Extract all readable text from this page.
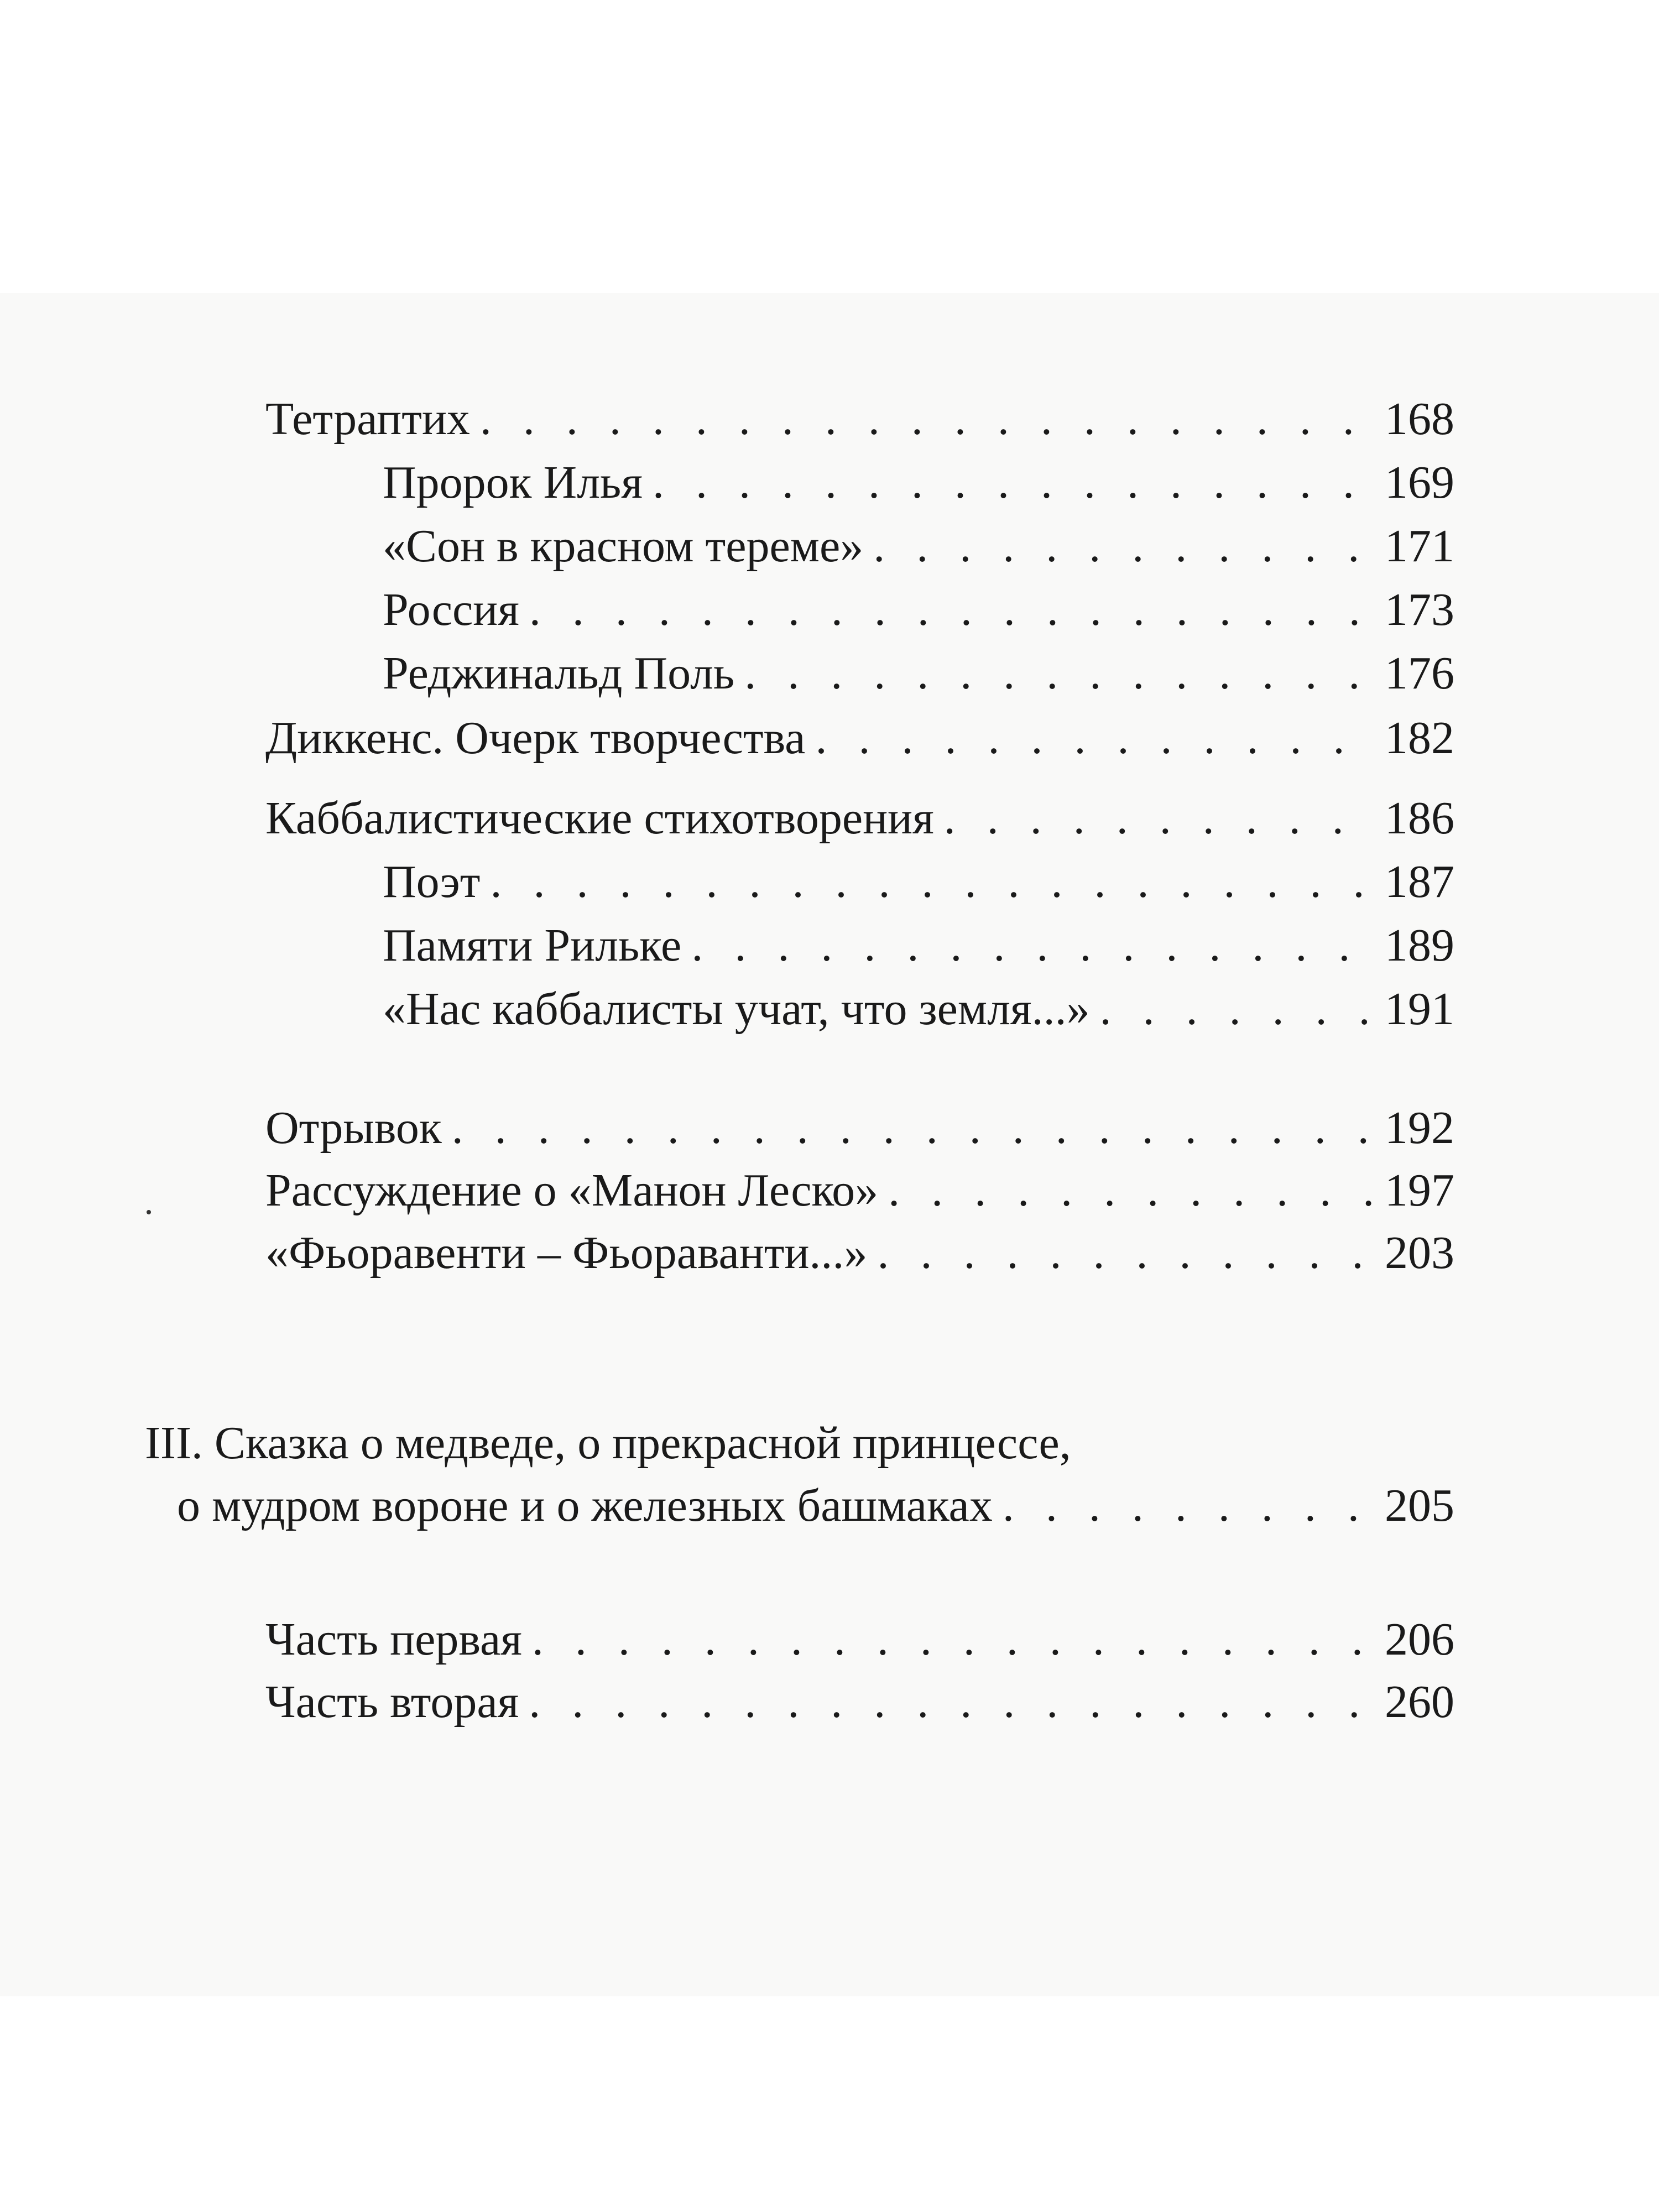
Тетраптих . . .	168
Пророк Илья . . .	169
«Сон в красном тереме» . . .	171
Россия . . .	173
Реджинальд Поль . . .	176
Диккенс. Очерк творчества . . .	182
Каббалистические стихотворения . . .	186
Поэт . . .	187
Памяти Рильке . . .	189
«Нас каббалисты учат, что земля...» . . .	191
Отрывок . . .	192
Рассуждение о «Манон Леско» . . .	197
«Фьоравенти – Фьораванти...» . . .	203
III. Сказка о медведе, о прекрасной принцессе,
о мудром вороне и о железных башмаках . . .	205
Часть первая . . .	206
Часть вторая . . .	260
